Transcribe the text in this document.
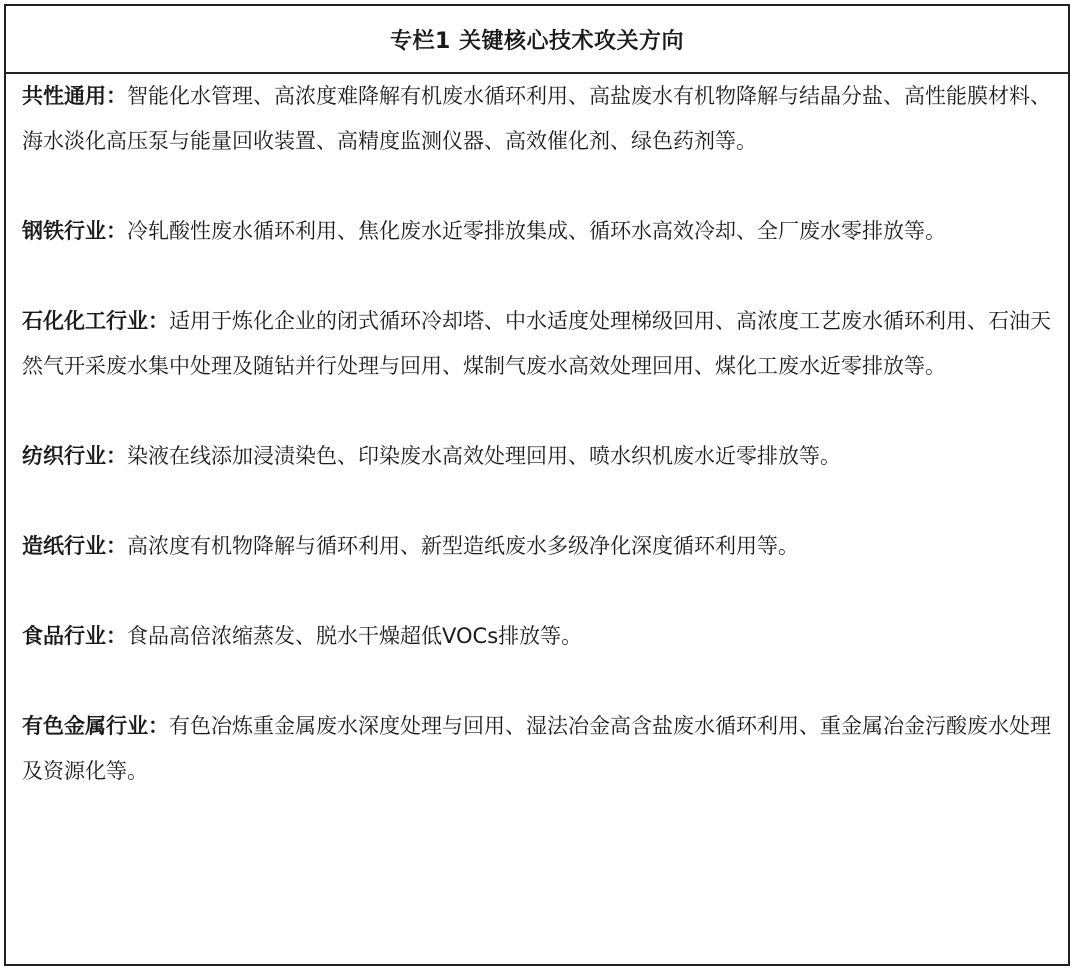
专栏1 关键核心技术攻关方向

共性通用：智能化水管理、高浓度难降解有机废水循环利用、高盐废水有机物降解与结晶分盐、高性能膜材料、海水淡化高压泵与能量回收装置、高精度监测仪器、高效催化剂、绿色药剂等。

钢铁行业：冷轧酸性废水循环利用、焦化废水近零排放集成、循环水高效冷却、全厂废水零排放等。

石化化工行业：适用于炼化企业的闭式循环冷却塔、中水适度处理梯级回用、高浓度工艺废水循环利用、石油天然气开采废水集中处理及随钻并行处理与回用、煤制气废水高效处理回用、煤化工废水近零排放等。

纺织行业：染液在线添加浸渍染色、印染废水高效处理回用、喷水织机废水近零排放等。

造纸行业：高浓度有机物降解与循环利用、新型造纸废水多级净化深度循环利用等。

食品行业：食品高倍浓缩蒸发、脱水干燥超低VOCs排放等。

有色金属行业：有色冶炼重金属废水深度处理与回用、湿法冶金高含盐废水循环利用、重金属冶金污酸废水处理及资源化等。
